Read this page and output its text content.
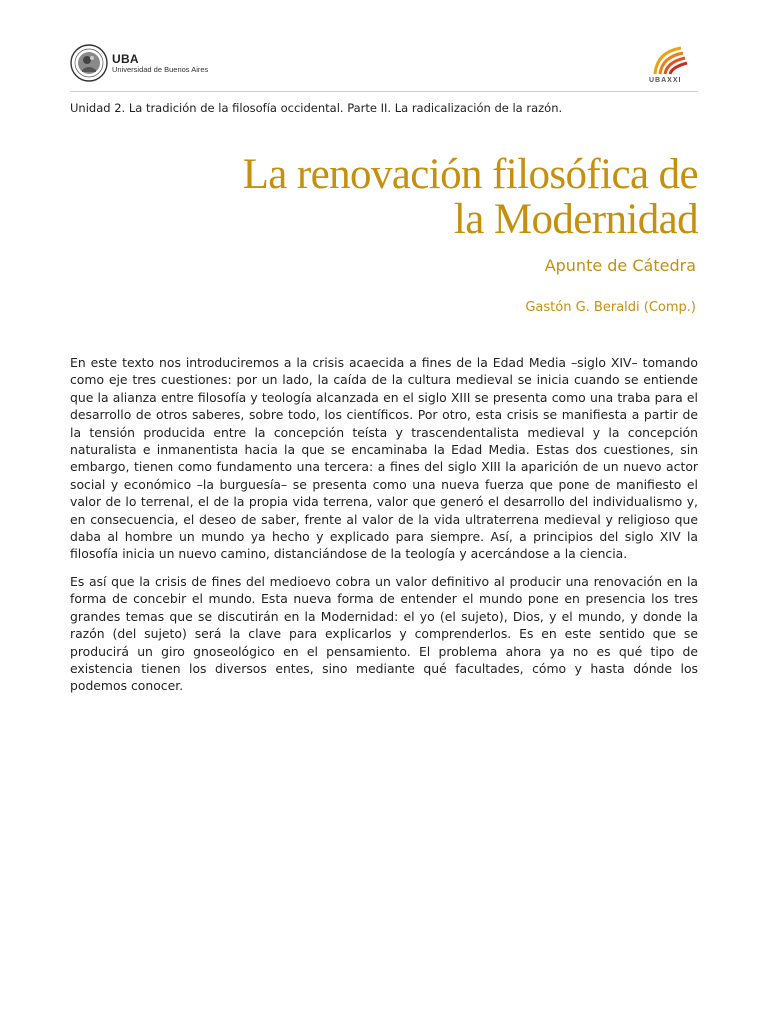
UBA
Universidad de Buenos Aires
UBAXXI
Unidad 2. La tradición de la filosofía occidental. Parte II. La radicalización de la razón.
La renovación filosófica de
la Modernidad
Apunte de Cátedra
Gastón G. Beraldi (Comp.)

En este texto nos introduciremos a la crisis acaecida a fines de la Edad Media –siglo XIV– tomando como eje tres cuestiones: por un lado, la caída de la cultura medieval se inicia cuando se entiende que la alianza entre filosofía y teología alcanzada en el siglo XIII se presenta como una traba para el desarrollo de otros saberes, sobre todo, los científicos. Por otro, esta crisis se manifiesta a partir de la tensión producida entre la concepción teísta y trascendentalista medieval y la concepción naturalista e inmanentista hacia la que se encaminaba la Edad Media. Estas dos cuestiones, sin embargo, tienen como fundamento una tercera: a fines del siglo XIII la aparición de un nuevo actor social y económico –la burguesía– se presenta como una nueva fuerza que pone de manifiesto el valor de lo terrenal, el de la propia vida terrena, valor que generó el desarrollo del individualismo y, en consecuencia, el deseo de saber, frente al valor de la vida ultraterrena medieval y religioso que daba al hombre un mundo ya hecho y explicado para siempre. Así, a principios del siglo XIV la filosofía inicia un nuevo camino, distanciándose de la teología y acercándose a la ciencia.

Es así que la crisis de fines del medioevo cobra un valor definitivo al producir una renovación en la forma de concebir el mundo. Esta nueva forma de entender el mundo pone en presencia los tres grandes temas que se discutirán en la Modernidad: el yo (el sujeto), Dios, y el mundo, y donde la razón (del sujeto) será la clave para explicarlos y comprenderlos. Es en este sentido que se producirá un giro gnoseológico en el pensamiento. El problema ahora ya no es qué tipo de existencia tienen los diversos entes, sino mediante qué facultades, cómo y hasta dónde los podemos conocer.
